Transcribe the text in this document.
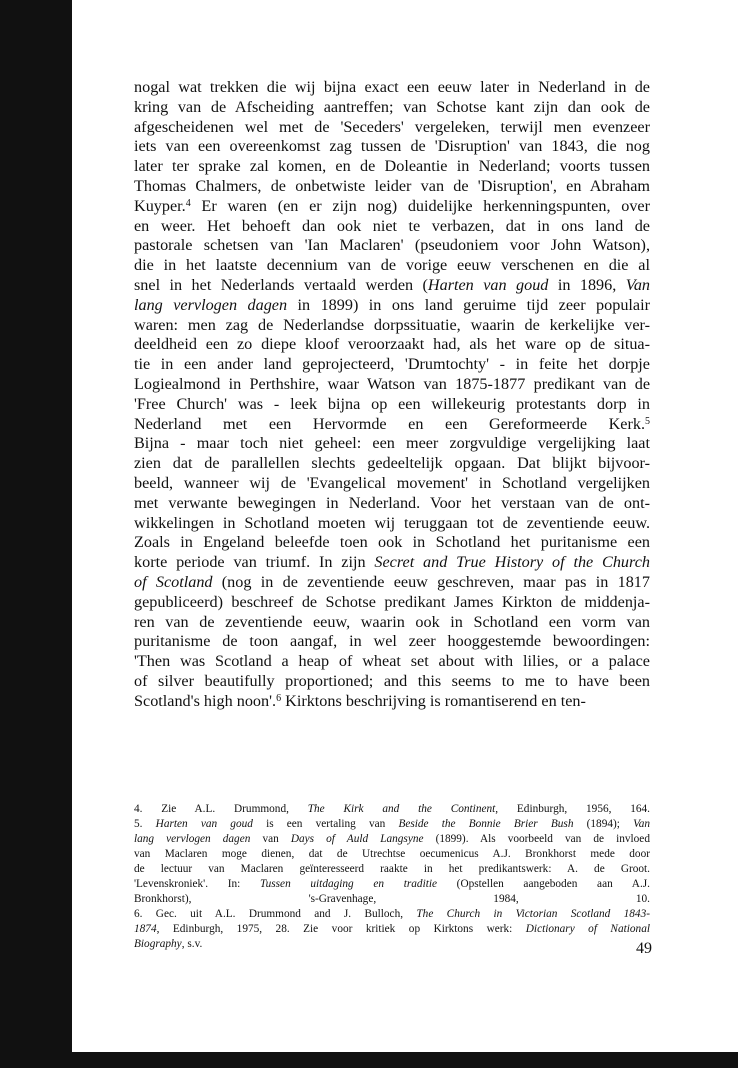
nogal wat trekken die wij bijna exact een eeuw later in Nederland in de
kring van de Afscheiding aantreffen; van Schotse kant zijn dan ook de
afgescheidenen wel met de 'Seceders' vergeleken, terwijl men evenzeer
iets van een overeenkomst zag tussen de 'Disruption' van 1843, die nog
later ter sprake zal komen, en de Doleantie in Nederland; voorts tussen
Thomas Chalmers, de onbetwiste leider van de 'Disruption', en Abraham
Kuyper.$^4$ Er waren (en er zijn nog) duidelijke herkenningspunten, over
en weer. Het behoeft dan ook niet te verbazen, dat in ons land de
pastorale schetsen van 'Ian Maclaren' (pseudoniem voor John Watson),
die in het laatste decennium van de vorige eeuw verschenen en die al
snel in het Nederlands vertaald werden (Harten van goud in 1896, Van
lang vervlogen dagen in 1899) in ons land geruime tijd zeer populair
waren: men zag de Nederlandse dorpssituatie, waarin de kerkelijke ver-
deeldheid een zo diepe kloof veroorzaakt had, als het ware op de situa-
tie in een ander land geprojecteerd, 'Drumtochty' - in feite het dorpje
Logiealmond in Perthshire, waar Watson van 1875-1877 predikant van de
'Free Church' was - leek bijna op een willekeurig protestants dorp in
Nederland met een Hervormde en een Gereformeerde Kerk.$^5$
Bijna - maar toch niet geheel: een meer zorgvuldige vergelijking laat
zien dat de parallellen slechts gedeeltelijk opgaan. Dat blijkt bijvoor-
beeld, wanneer wij de 'Evangelical movement' in Schotland vergelijken
met verwante bewegingen in Nederland. Voor het verstaan van de ont-
wikkelingen in Schotland moeten wij teruggaan tot de zeventiende eeuw.
Zoals in Engeland beleefde toen ook in Schotland het puritanisme een
korte periode van triumf. In zijn Secret and True History of the Church
of Scotland (nog in de zeventiende eeuw geschreven, maar pas in 1817
gepubliceerd) beschreef de Schotse predikant James Kirkton de middenja-
ren van de zeventiende eeuw, waarin ook in Schotland een vorm van
puritanisme de toon aangaf, in wel zeer hooggestemde bewoordingen:
'Then was Scotland a heap of wheat set about with lilies, or a palace
of silver beautifully proportioned; and this seems to me to have been
Scotland's high noon'.$^6$ Kirktons beschrijving is romantiserend en ten-
4. Zie A.L. Drummond, The Kirk and the Continent, Edinburgh, 1956, 164.
5. Harten van goud is een vertaling van Beside the Bonnie Brier Bush (1894); Van
lang vervlogen dagen van Days of Auld Langsyne (1899). Als voorbeeld van de invloed
van Maclaren moge dienen, dat de Utrechtse oecumenicus A.J. Bronkhorst mede door
de lectuur van Maclaren geïnteresseerd raakte in het predikantswerk: A. de Groot.
'Levenskroniek'. In: Tussen uitdaging en traditie (Opstellen aangeboden aan A.J.
Bronkhorst), 's-Gravenhage, 1984, 10.
6. Gec. uit A.L. Drummond and J. Bulloch, The Church in Victorian Scotland 1843-
1874, Edinburgh, 1975, 28. Zie voor kritiek op Kirktons werk: Dictionary of National
Biography, s.v.	49
